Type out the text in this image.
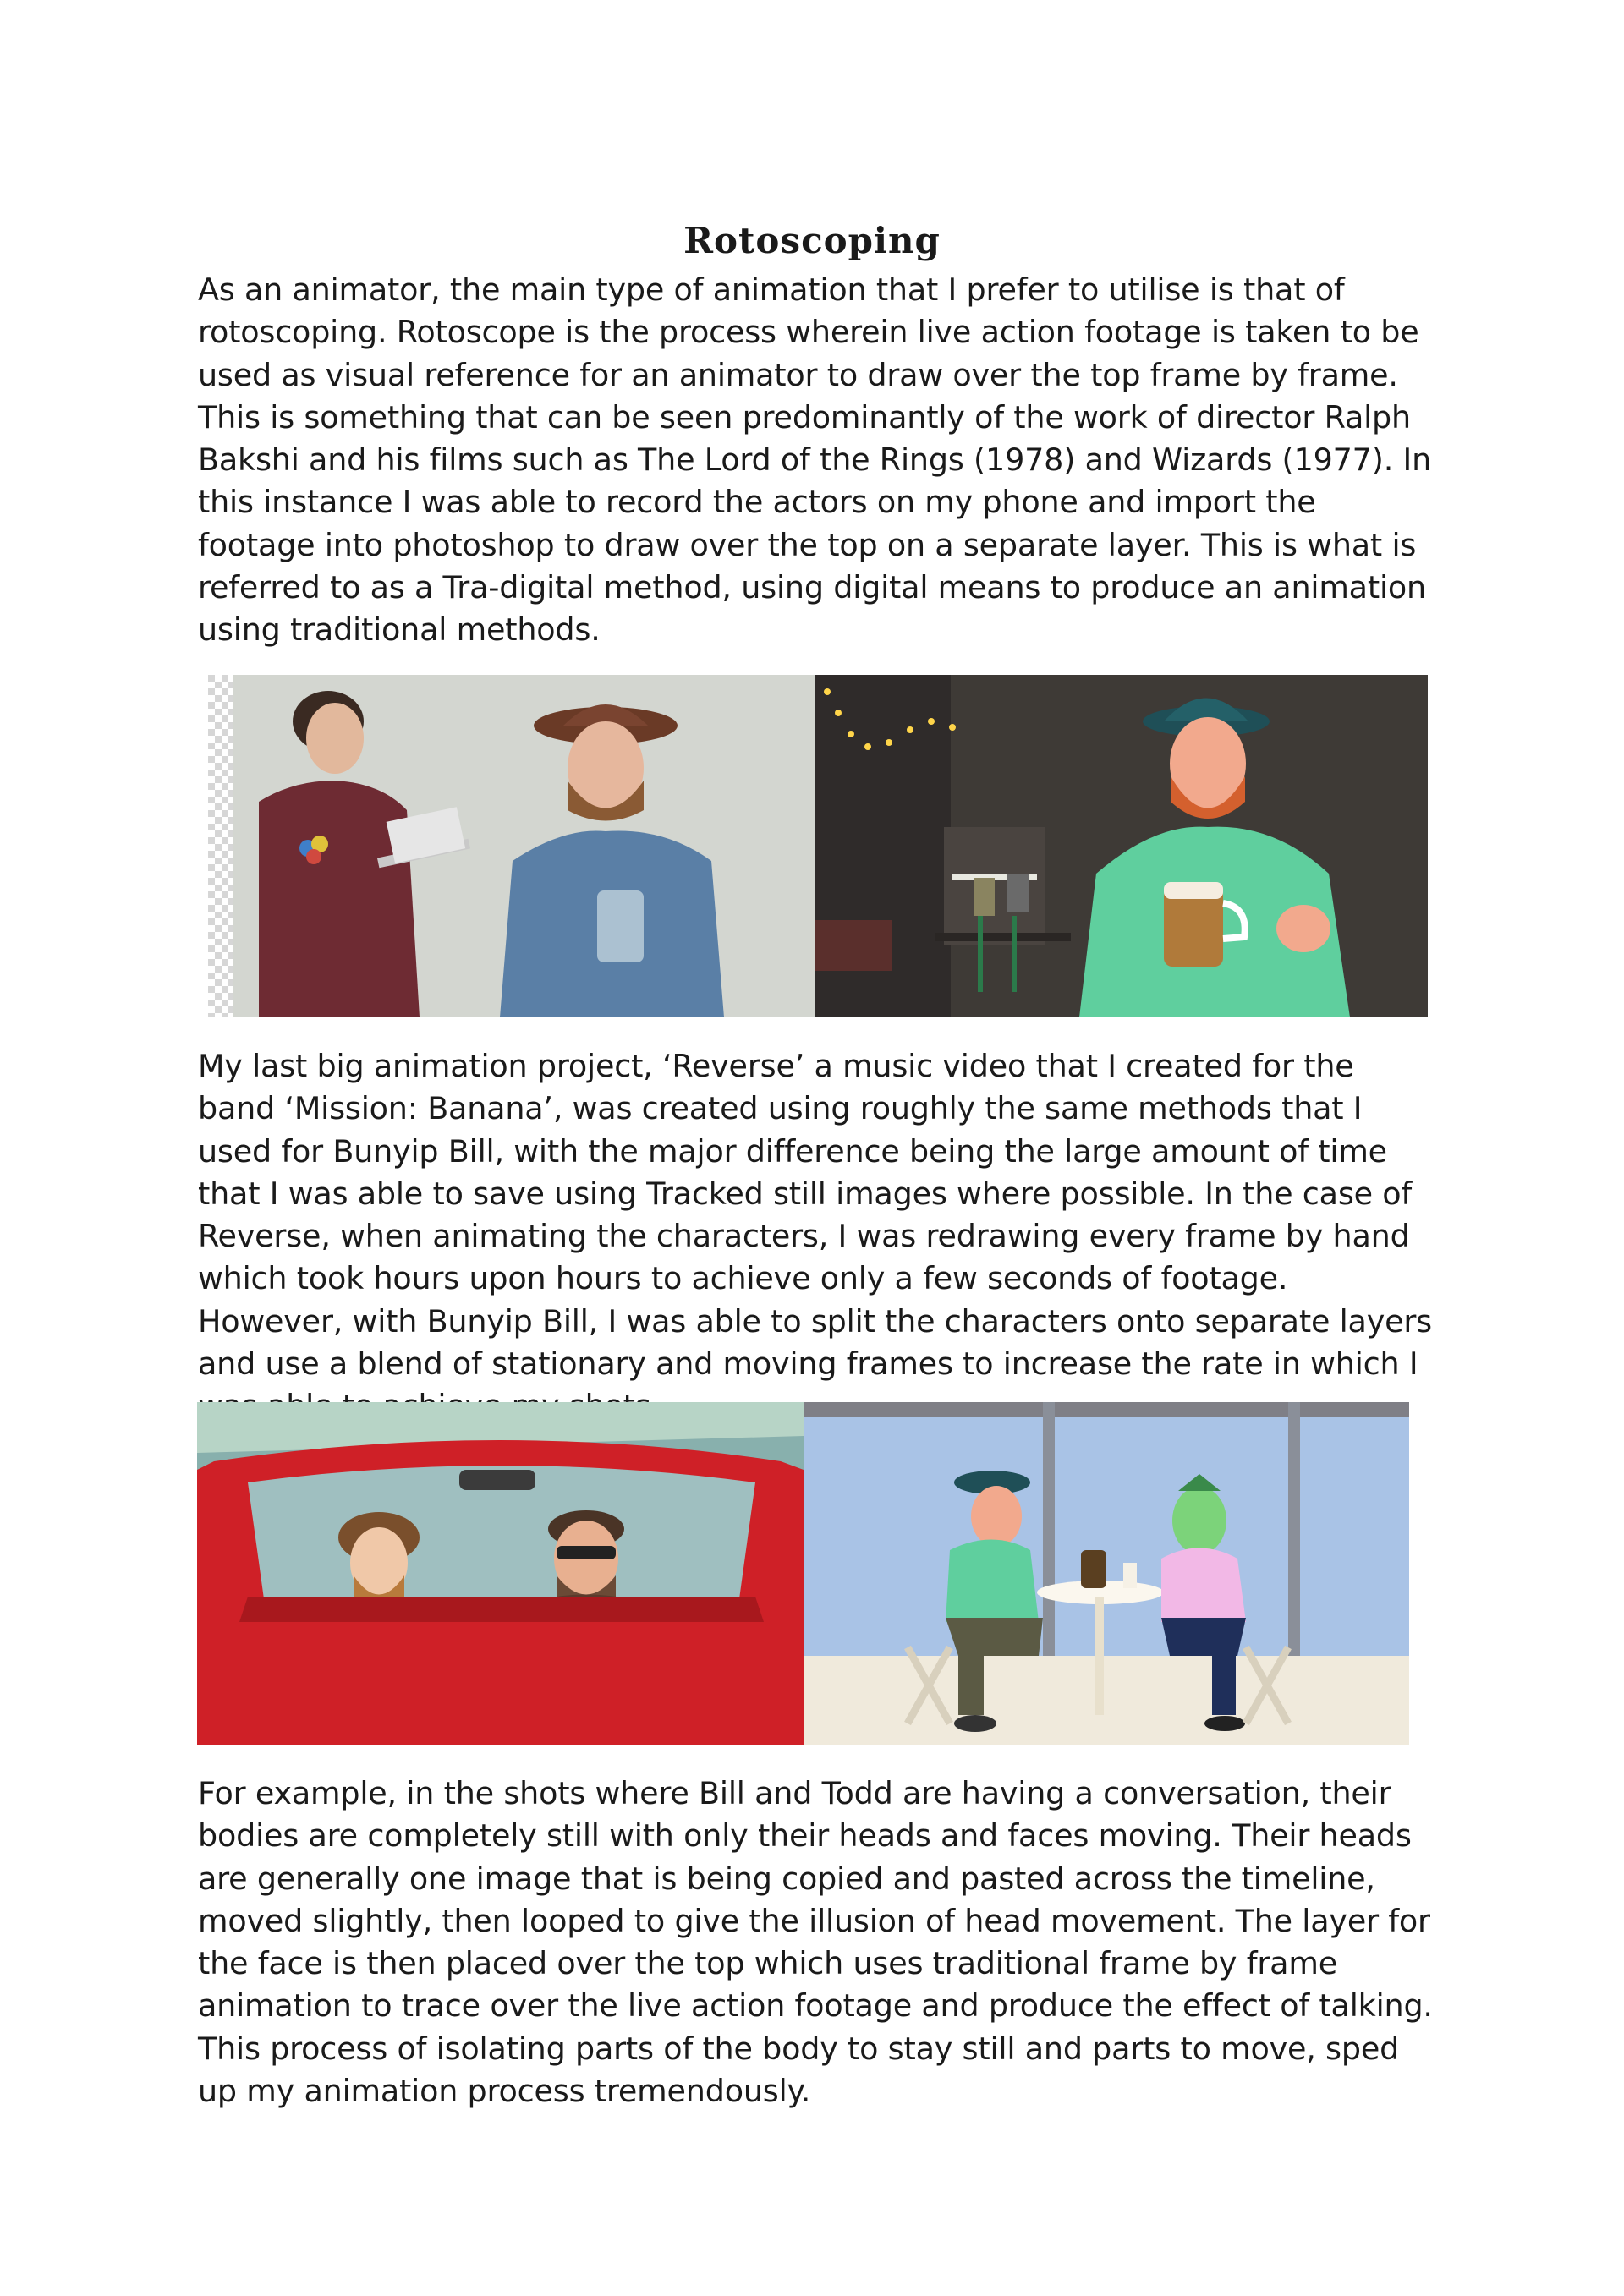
Rotoscoping

As an animator, the main type of animation that I prefer to utilise is that of rotoscoping. Rotoscope is the process wherein live action footage is taken to be used as visual reference for an animator to draw over the top frame by frame. This is something that can be seen predominantly of the work of director Ralph Bakshi and his films such as The Lord of the Rings (1978) and Wizards (1977). In this instance I was able to record the actors on my phone and import the footage into photoshop to draw over the top on a separate layer. This is what is referred to as a Tra-digital method, using digital means to produce an animation using traditional methods.

My last big animation project, ‘Reverse’ a music video that I created for the band ‘Mission: Banana’, was created using roughly the same methods that I used for Bunyip Bill, with the major difference being the large amount of time that I was able to save using Tracked still images where possible. In the case of Reverse, when animating the characters, I was redrawing every frame by hand which took hours upon hours to achieve only a few seconds of footage. However, with Bunyip Bill, I was able to split the characters onto separate layers and use a blend of stationary and moving frames to increase the rate in which I

For example, in the shots where Bill and Todd are having a conversation, their bodies are completely still with only their heads and faces moving. Their heads are generally one image that is being copied and pasted across the timeline, moved slightly, then looped to give the illusion of head movement. The layer for the face is then placed over the top which uses traditional frame by frame animation to trace over the live action footage and produce the effect of talking. This process of isolating parts of the body to stay still and parts to move, sped up my animation process tremendously.
